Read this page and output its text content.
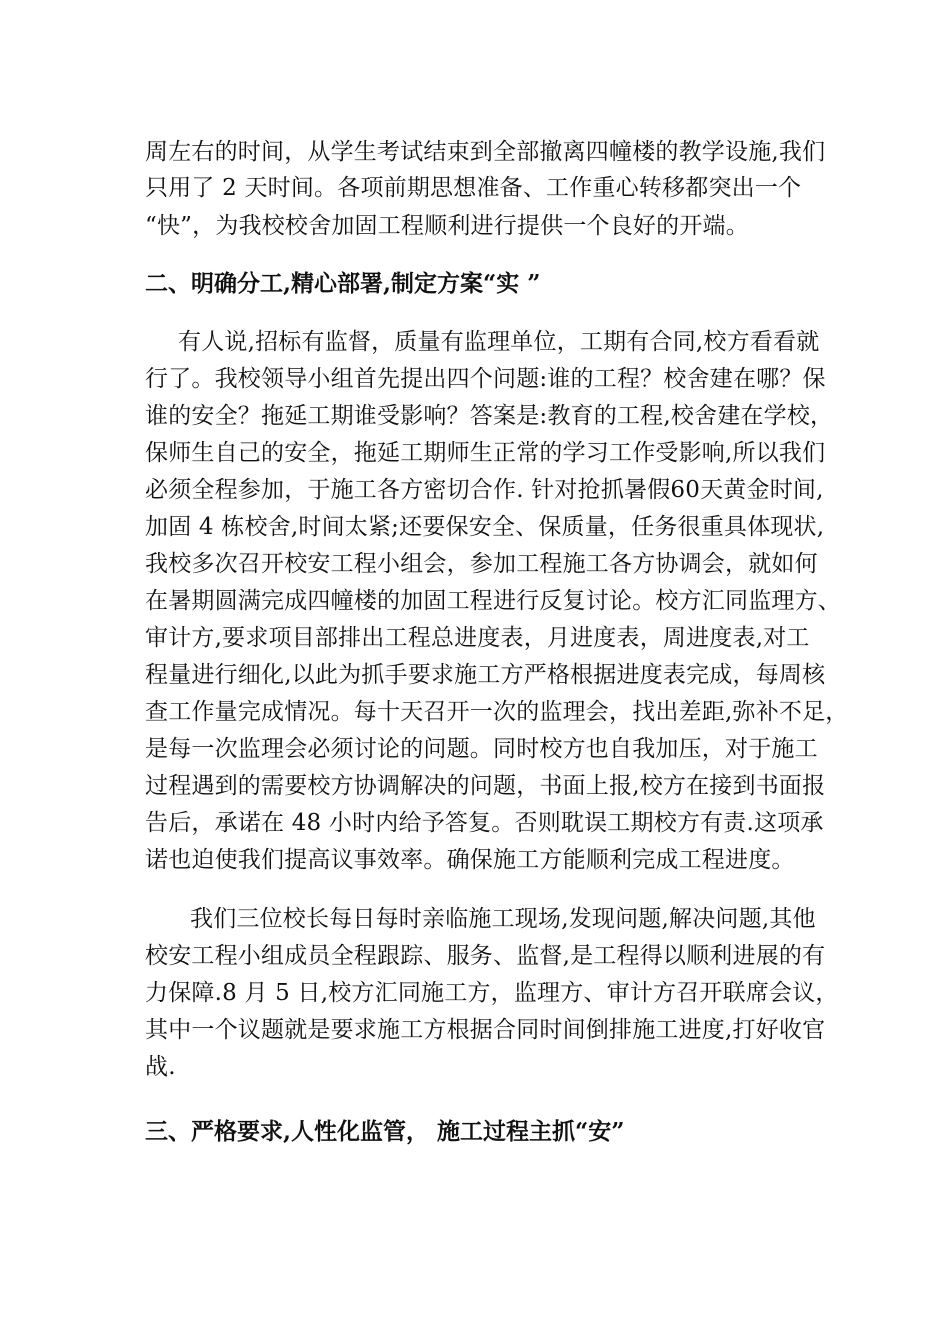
周左右的时间，从学生考试结束到全部撤离四幢楼的教学设施,我们
只用了 2 天时间。各项前期思想准备、工作重心转移都突出一个
“快”，为我校校舍加固工程顺利进行提供一个良好的开端。
二、明确分工,精心部署,制定方案“实 ”
有人说,招标有监督，质量有监理单位，工期有合同,校方看看就
行了。我校领导小组首先提出四个问题:谁的工程？校舍建在哪？保
谁的安全？拖延工期谁受影响？答案是:教育的工程,校舍建在学校，
保师生自己的安全，拖延工期师生正常的学习工作受影响,所以我们
必须全程参加，于施工各方密切合作. 针对抢抓暑假60天黄金时间,
加固 4 栋校舍,时间太紧;还要保安全、保质量，任务很重具体现状,
我校多次召开校安工程小组会，参加工程施工各方协调会，就如何
在暑期圆满完成四幢楼的加固工程进行反复讨论。校方汇同监理方、
审计方,要求项目部排出工程总进度表，月进度表，周进度表,对工
程量进行细化,以此为抓手要求施工方严格根据进度表完成，每周核
查工作量完成情况。每十天召开一次的监理会，找出差距,弥补不足，
是每一次监理会必须讨论的问题。同时校方也自我加压，对于施工
过程遇到的需要校方协调解决的问题，书面上报,校方在接到书面报
告后，承诺在 48 小时内给予答复。否则耽误工期校方有责.这项承
诺也迫使我们提高议事效率。确保施工方能顺利完成工程进度。
我们三位校长每日每时亲临施工现场,发现问题,解决问题,其他
校安工程小组成员全程跟踪、服务、监督,是工程得以顺利进展的有
力保障.8 月 5 日,校方汇同施工方，监理方、审计方召开联席会议，
其中一个议题就是要求施工方根据合同时间倒排施工进度,打好收官
战.
三、严格要求,人性化监管， 施工过程主抓“安”
